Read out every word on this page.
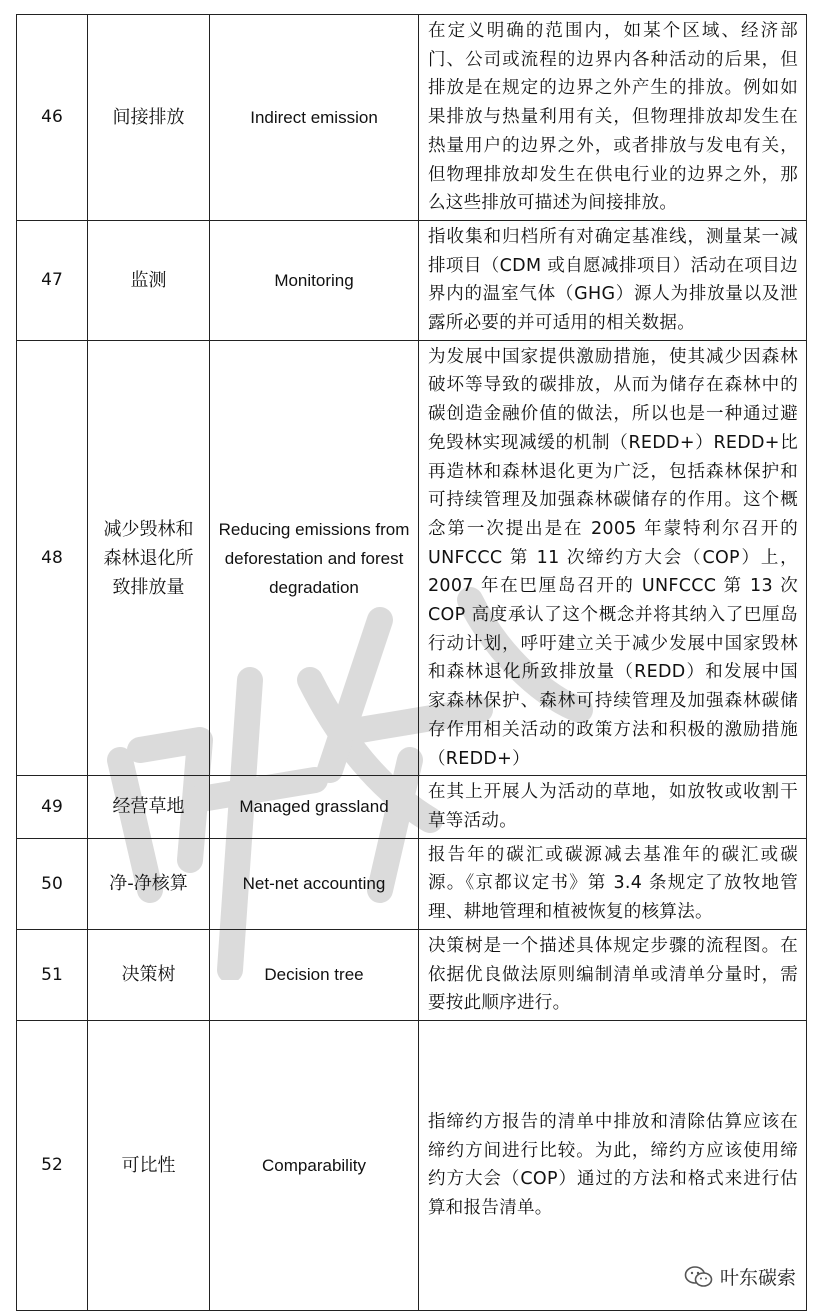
46	间接排放	Indirect emission	在定义明确的范围内，如某个区域、经济部门、公司或流程的边界内各种活动的后果，但排放是在规定的边界之外产生的排放。例如如果排放与热量利用有关，但物理排放却发生在热量用户的边界之外，或者排放与发电有关，但物理排放却发生在供电行业的边界之外，那么这些排放可描述为间接排放。
47	监测	Monitoring	指收集和归档所有对确定基准线，测量某一减排项目（CDM 或自愿减排项目）活动在项目边界内的温室气体（GHG）源人为排放量以及泄露所必要的并可适用的相关数据。
48	减少毁林和森林退化所致排放量	Reducing emissions from deforestation and forest degradation	为发展中国家提供激励措施，使其减少因森林破坏等导致的碳排放，从而为储存在森林中的碳创造金融价值的做法，所以也是一种通过避免毁林实现减缓的机制（REDD+）REDD+比再造林和森林退化更为广泛，包括森林保护和可持续管理及加强森林碳储存的作用。这个概念第一次提出是在 2005 年蒙特利尔召开的UNFCCC 第 11 次缔约方大会（COP）上，2007 年在巴厘岛召开的 UNFCCC 第 13 次 COP 高度承认了这个概念并将其纳入了巴厘岛行动计划，呼吁建立关于减少发展中国家毁林和森林退化所致排放量（REDD）和发展中国家森林保护、森林可持续管理及加强森林碳储存作用相关活动的政策方法和积极的激励措施（REDD+）
49	经营草地	Managed grassland	在其上开展人为活动的草地，如放牧或收割干草等活动。
50	净-净核算	Net-net accounting	报告年的碳汇或碳源减去基准年的碳汇或碳源。《京都议定书》第 3.4 条规定了放牧地管理、耕地管理和植被恢复的核算法。
51	决策树	Decision tree	决策树是一个描述具体规定步骤的流程图。在依据优良做法原则编制清单或清单分量时，需要按此顺序进行。
52	可比性	Comparability	指缔约方报告的清单中排放和清除估算应该在缔约方间进行比较。为此，缔约方应该使用缔约方大会（COP）通过的方法和格式来进行估算和报告清单。
叶东碳索
